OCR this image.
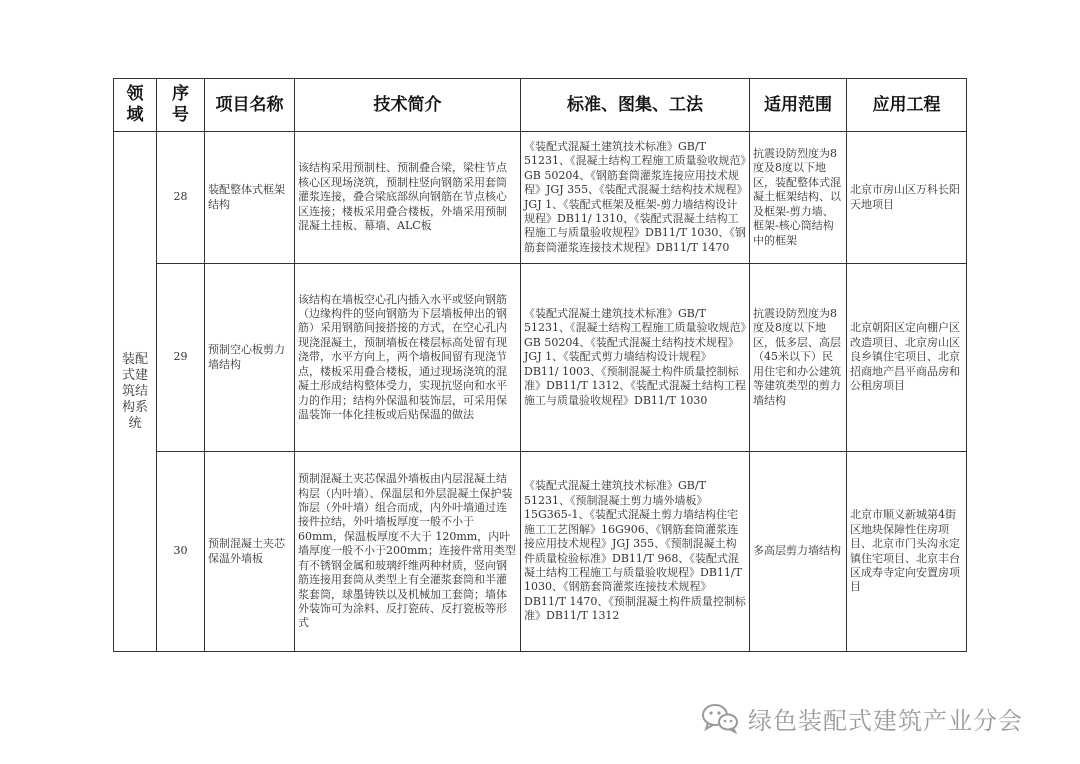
领域	序号	项目名称	技术简介	标准、图集、工法	适用范围	应用工程
装配式建筑结构系统	28	装配整体式框架结构	该结构采用预制柱、预制叠合梁，梁柱节点核心区现场浇筑，预制柱竖向钢筋采用套筒灌浆连接，叠合梁底部纵向钢筋在节点核心区连接；楼板采用叠合楼板，外墙采用预制混凝土挂板、幕墙、ALC板	《装配式混凝土建筑技术标准》GB/T 51231、《混凝土结构工程施工质量验收规范》GB 50204、《钢筋套筒灌浆连接应用技术规程》JGJ 355、《装配式混凝土结构技术规程》JGJ 1、《装配式框架及框架-剪力墙结构设计规程》DB11/ 1310、《装配式混凝土结构工程施工与质量验收规程》DB11/T 1030、《钢筋套筒灌浆连接技术规程》DB11/T 1470	抗震设防烈度为8度及8度以下地区，装配整体式混凝土框架结构、以及框架-剪力墙、框架-核心筒结构中的框架	北京市房山区万科长阳天地项目
	29	预制空心板剪力墙结构	该结构在墙板空心孔内插入水平或竖向钢筋（边缘构件的竖向钢筋为下层墙板伸出的钢筋）采用钢筋间接搭接的方式，在空心孔内现浇混凝土，预制墙板在楼层标高处留有现浇带，水平方向上，两个墙板间留有现浇节点，楼板采用叠合楼板，通过现场浇筑的混凝土形成结构整体受力，实现抗竖向和水平力的作用；结构外保温和装饰层，可采用保温装饰一体化挂板或后贴保温的做法	《装配式混凝土建筑技术标准》GB/T 51231、《混凝土结构工程施工质量验收规范》GB 50204、《装配式混凝土结构技术规程》JGJ 1、《装配式剪力墙结构设计规程》DB11/ 1003、《预制混凝土构件质量控制标准》DB11/T 1312、《装配式混凝土结构工程施工与质量验收规程》DB11/T 1030	抗震设防烈度为8度及8度以下地区，低多层、高层（45米以下）民用住宅和办公建筑等建筑类型的剪力墙结构	北京朝阳区定向棚户区改造项目、北京房山区良乡镇住宅项目、北京招商地产昌平商品房和公租房项目
	30	预制混凝土夹芯保温外墙板	预制混凝土夹芯保温外墙板由内层混凝土结构层（内叶墙）、保温层和外层混凝土保护装饰层（外叶墙）组合而成，内外叶墙通过连接件拉结，外叶墙板厚度一般不小于 60mm，保温板厚度不大于 120mm，内叶墙厚度一般不小于200mm；连接件常用类型有不锈钢金属和玻璃纤维两种材质，竖向钢筋连接用套筒从类型上有全灌浆套筒和半灌浆套筒，球墨铸铁以及机械加工套筒；墙体外装饰可为涂料、反打瓷砖、反打瓷板等形式	《装配式混凝土建筑技术标准》GB/T 51231、《预制混凝土剪力墙外墙板》15G365-1、《装配式混凝土剪力墙结构住宅施工工艺图解》16G906、《钢筋套筒灌浆连接应用技术规程》JGJ 355、《预制混凝土构件质量检验标准》DB11/T 968、《装配式混凝土结构工程施工与质量验收规程》DB11/T 1030、《钢筋套筒灌浆连接技术规程》DB11/T 1470、《预制混凝土构件质量控制标准》DB11/T 1312	多高层剪力墙结构	北京市顺义新城第4街区地块保障性住房项目、北京市门头沟永定镇住宅项目、北京丰台区成寿寺定向安置房项目
绿色装配式建筑产业分会
